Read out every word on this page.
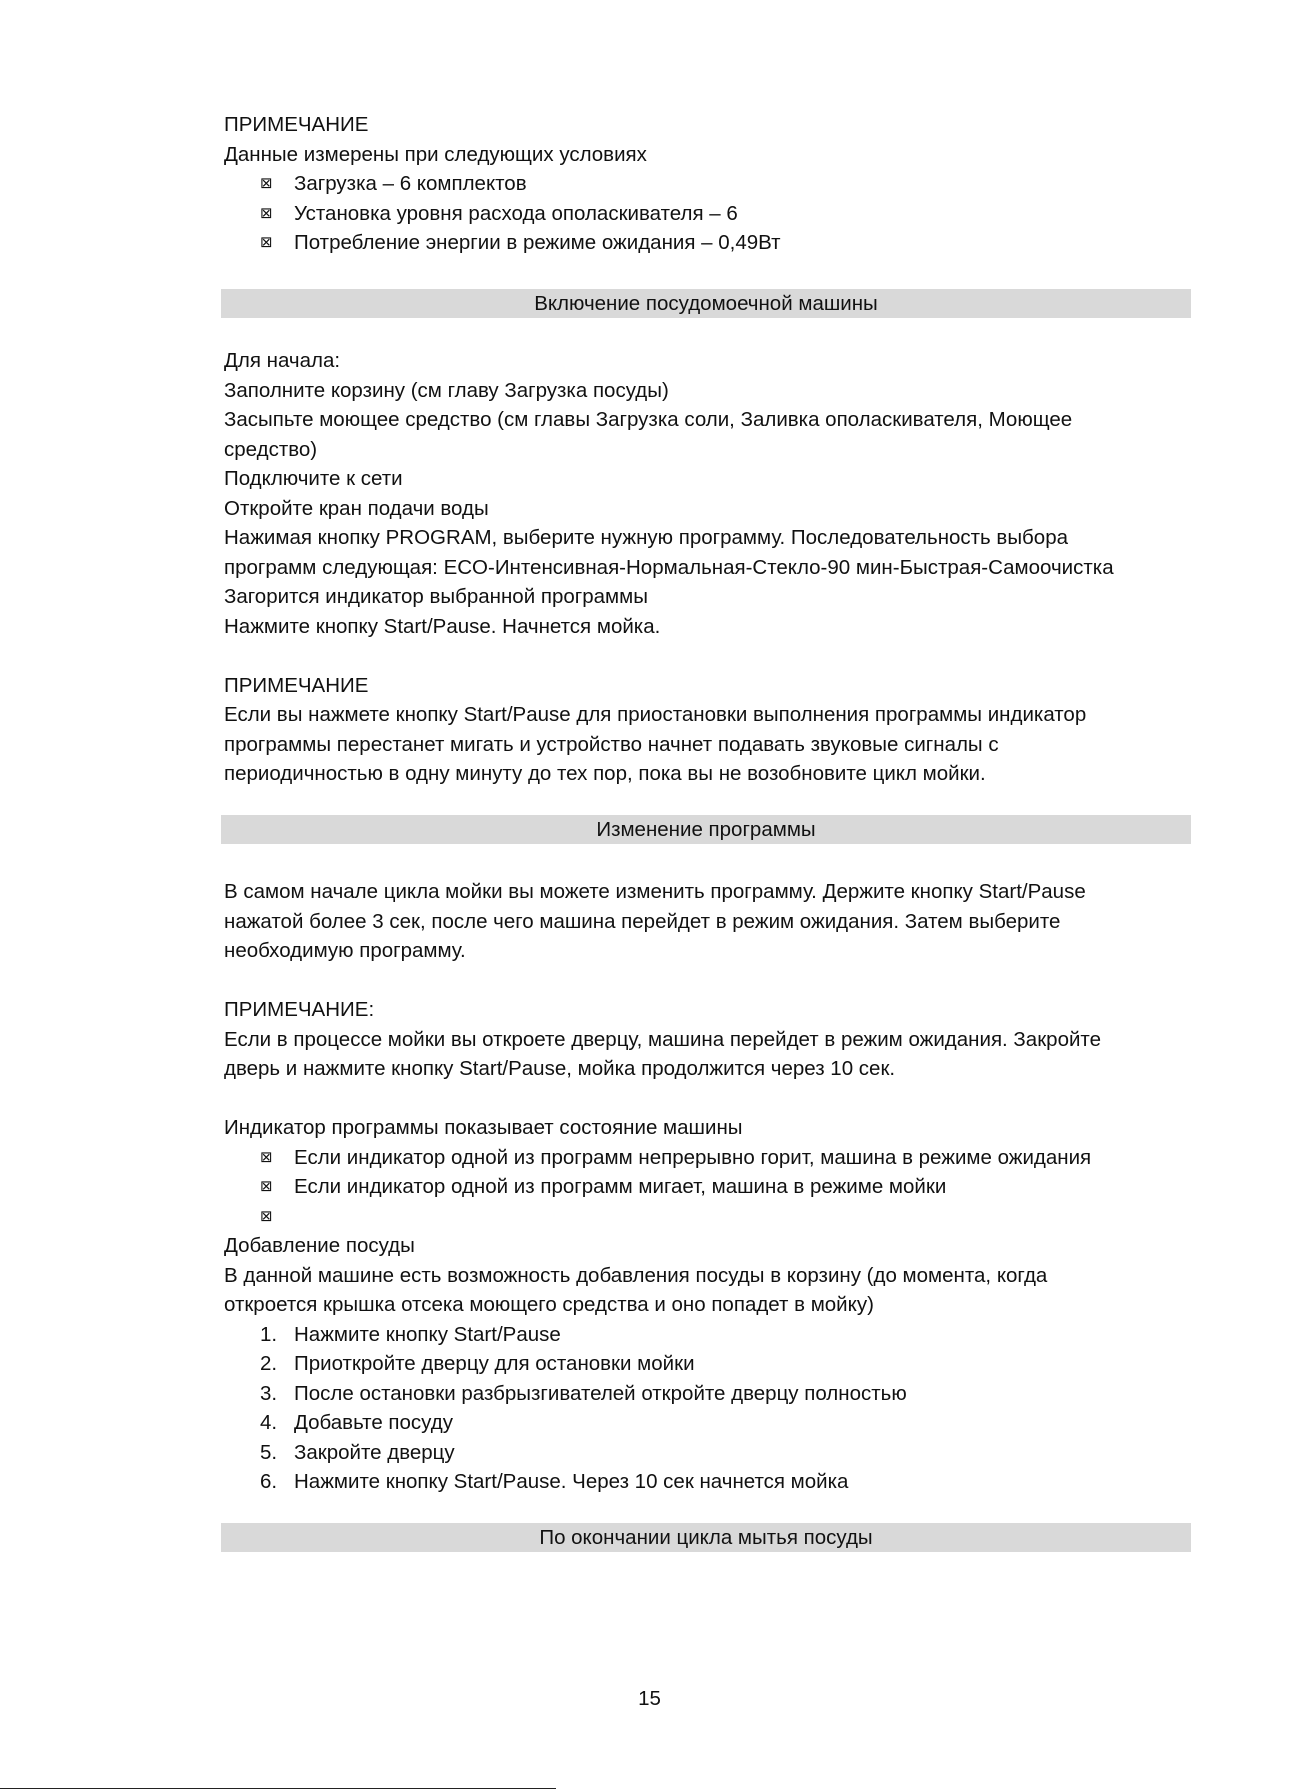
ПРИМЕЧАНИЕ
Данные измерены при следующих условиях
⊠ Загрузка – 6 комплектов
⊠ Установка уровня расхода ополаскивателя – 6
⊠ Потребление энергии в режиме ожидания – 0,49Вт
Для начала:
Заполните корзину (см главу Загрузка посуды)
Засыпьте моющее средство (см главы Загрузка соли, Заливка ополаскивателя, Моющее
средство)
Подключите к сети
Откройте кран подачи воды
Нажимая кнопку PROGRAM, выберите нужную программу. Последовательность выбора
программ следующая: ECO-Интенсивная-Нормальная-Стекло-90 мин-Быстрая-Самоочистка
Загорится индикатор выбранной программы
Нажмите кнопку Start/Pause. Начнется мойка.
ПРИМЕЧАНИЕ
Если вы нажмете кнопку Start/Pause для приостановки выполнения программы индикатор
программы перестанет мигать и устройство начнет подавать звуковые сигналы с
периодичностью в одну минуту до тех пор, пока вы не возобновите цикл мойки.
В самом начале цикла мойки вы можете изменить программу. Держите кнопку Start/Pause
нажатой более 3 сек, после чего машина перейдет в режим ожидания. Затем выберите
необходимую программу.
ПРИМЕЧАНИЕ:
Если в процессе мойки вы откроете дверцу, машина перейдет в режим ожидания. Закройте
дверь и нажмите кнопку Start/Pause, мойка продолжится через 10 сек.
Индикатор программы показывает состояние машины
⊠ Если индикатор одной из программ непрерывно горит, машина в режиме ожидания
⊠ Если индикатор одной из программ мигает, машина в режиме мойки
⊠
Добавление посуды
В данной машине есть возможность добавления посуды в корзину (до момента, когда
откроется крышка отсека моющего средства и оно попадет в мойку)
1. Нажмите кнопку Start/Pause
2. Приоткройте дверцу для остановки мойки
3. После остановки разбрызгивателей откройте дверцу полностью
4. Добавьте посуду
5. Закройте дверцу
6. Нажмите кнопку Start/Pause. Через 10 сек начнется мойка
Включение посудомоечной машины
Изменение программы
По окончании цикла мытья посуды
15
